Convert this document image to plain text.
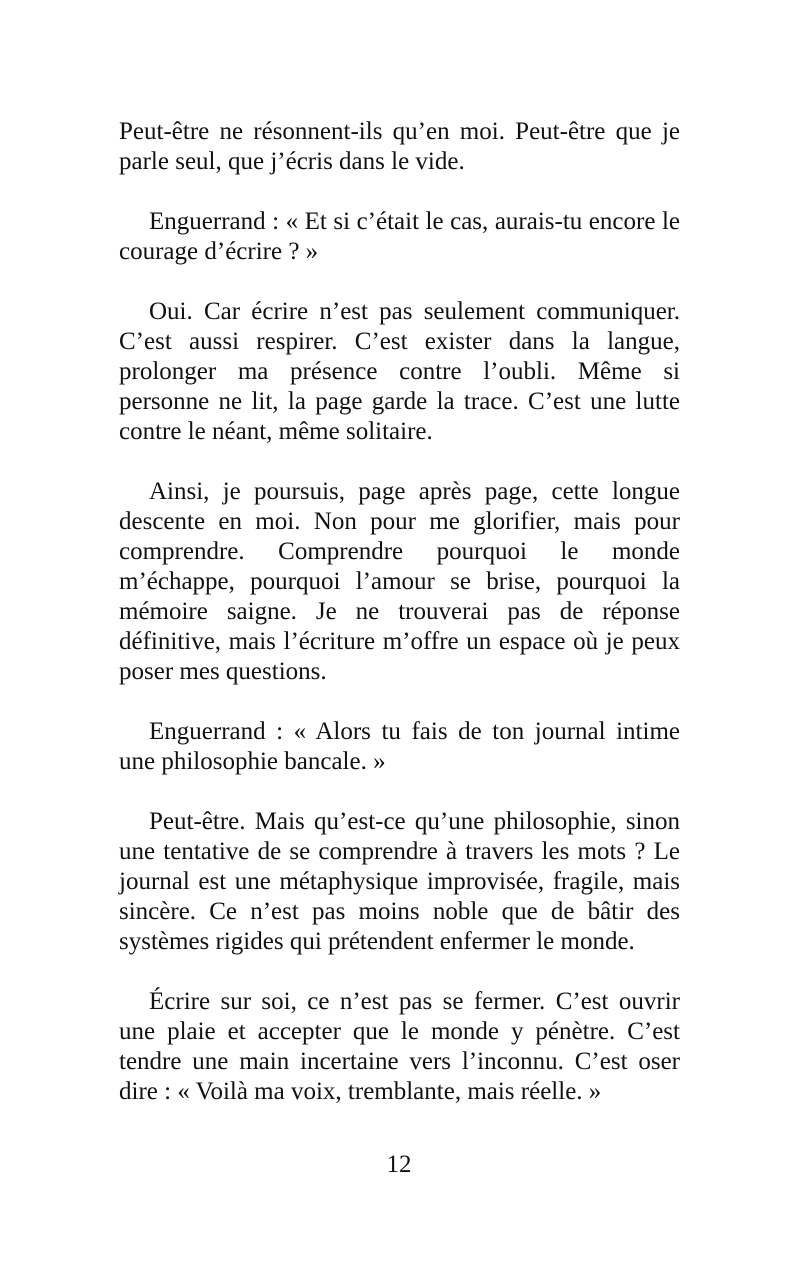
Peut-être ne résonnent-ils qu’en moi. Peut-être que je parle seul, que j’écris dans le vide.

Enguerrand : « Et si c’était le cas, aurais-tu encore le courage d’écrire ? »

Oui. Car écrire n’est pas seulement communiquer. C’est aussi respirer. C’est exister dans la langue, prolonger ma présence contre l’oubli. Même si personne ne lit, la page garde la trace. C’est une lutte contre le néant, même solitaire.

Ainsi, je poursuis, page après page, cette longue descente en moi. Non pour me glorifier, mais pour comprendre. Comprendre pourquoi le monde m’échappe, pourquoi l’amour se brise, pourquoi la mémoire saigne. Je ne trouverai pas de réponse définitive, mais l’écriture m’offre un espace où je peux poser mes questions.

Enguerrand : « Alors tu fais de ton journal intime une philosophie bancale. »

Peut-être. Mais qu’est-ce qu’une philosophie, sinon une tentative de se comprendre à travers les mots ? Le journal est une métaphysique improvisée, fragile, mais sincère. Ce n’est pas moins noble que de bâtir des systèmes rigides qui prétendent enfermer le monde.

Écrire sur soi, ce n’est pas se fermer. C’est ouvrir une plaie et accepter que le monde y pénètre. C’est tendre une main incertaine vers l’inconnu. C’est oser dire : « Voilà ma voix, tremblante, mais réelle. »

12
